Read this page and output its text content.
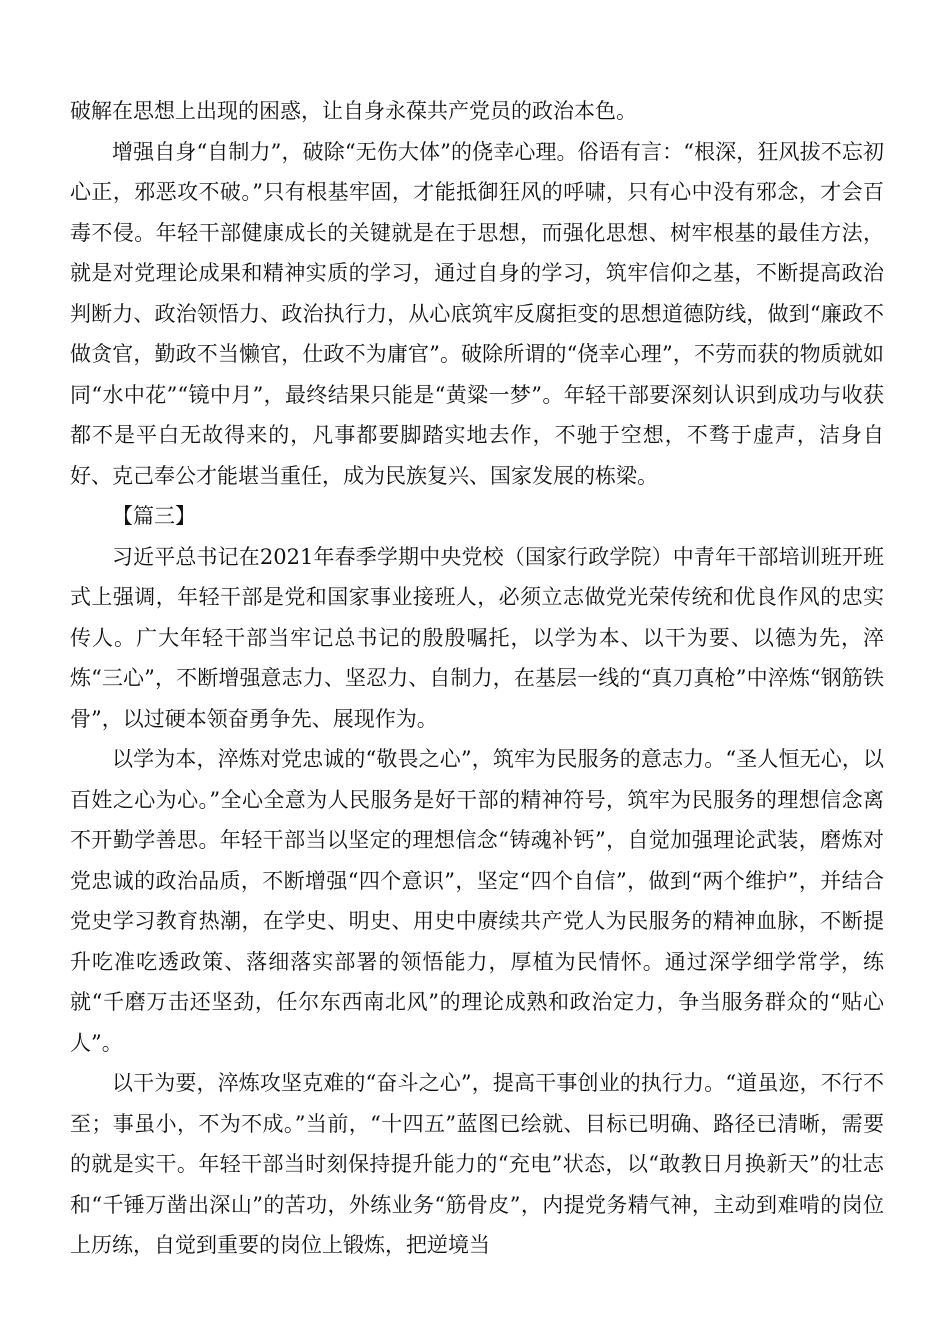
破解在思想上出现的困惑，让自身永葆共产党员的政治本色。

增强自身“自制力”，破除“无伤大体”的侥幸心理。俗语有言：“根深，狂风拔不忘初心正，邪恶攻不破。”只有根基牢固，才能抵御狂风的呼啸，只有心中没有邪念，才会百毒不侵。年轻干部健康成长的关键就是在于思想，而强化思想、树牢根基的最佳方法，就是对党理论成果和精神实质的学习，通过自身的学习，筑牢信仰之基，不断提高政治判断力、政治领悟力、政治执行力，从心底筑牢反腐拒变的思想道德防线，做到“廉政不做贪官，勤政不当懒官，仕政不为庸官”。破除所谓的“侥幸心理”，不劳而获的物质就如同“水中花”“镜中月”，最终结果只能是“黄粱一梦”。年轻干部要深刻认识到成功与收获都不是平白无故得来的，凡事都要脚踏实地去作，不驰于空想，不骛于虚声，洁身自好、克己奉公才能堪当重任，成为民族复兴、国家发展的栋梁。

【篇三】

习近平总书记在2021年春季学期中央党校（国家行政学院）中青年干部培训班开班式上强调，年轻干部是党和国家事业接班人，必须立志做党光荣传统和优良作风的忠实传人。广大年轻干部当牢记总书记的殷殷嘱托，以学为本、以干为要、以德为先，淬炼“三心”，不断增强意志力、坚忍力、自制力，在基层一线的“真刀真枪”中淬炼“钢筋铁骨”，以过硬本领奋勇争先、展现作为。

以学为本，淬炼对党忠诚的“敬畏之心”，筑牢为民服务的意志力。“圣人恒无心，以百姓之心为心。”全心全意为人民服务是好干部的精神符号，筑牢为民服务的理想信念离不开勤学善思。年轻干部当以坚定的理想信念“铸魂补钙”，自觉加强理论武装，磨炼对党忠诚的政治品质，不断增强“四个意识”，坚定“四个自信”，做到“两个维护”，并结合党史学习教育热潮，在学史、明史、用史中赓续共产党人为民服务的精神血脉，不断提升吃准吃透政策、落细落实部署的领悟能力，厚植为民情怀。通过深学细学常学，练就“千磨万击还坚劲，任尔东西南北风”的理论成熟和政治定力，争当服务群众的“贴心人”。

以干为要，淬炼攻坚克难的“奋斗之心”，提高干事创业的执行力。“道虽迩，不行不至；事虽小，不为不成。”当前，“十四五”蓝图已绘就、目标已明确、路径已清晰，需要的就是实干。年轻干部当时刻保持提升能力的“充电”状态，以“敢教日月换新天”的壮志和“千锤万凿出深山”的苦功，外练业务“筋骨皮”，内提党务精气神，主动到难啃的岗位上历练，自觉到重要的岗位上锻炼，把逆境当
